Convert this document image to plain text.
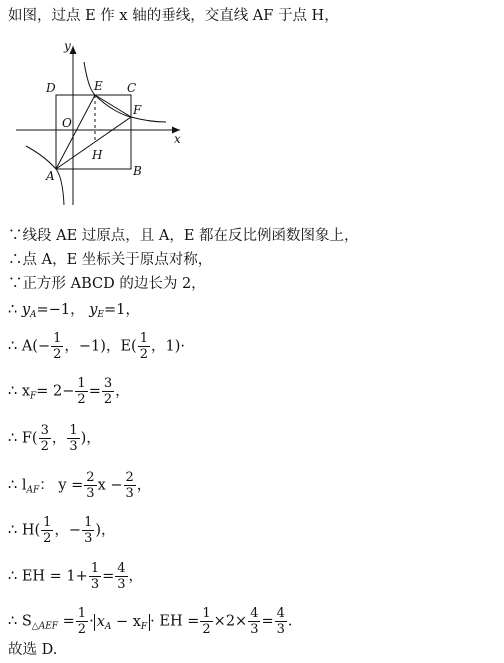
如图，过点 E 作 x 轴的垂线，交直线 AF 于点 H，
y
x
O
D	E C
F
H
A	B
∵线段 AE 过原点，且 A，E 都在反比例函数图象上，
∴点 A，E 坐标关于原点对称，
∵正方形 ABCD 的边长为 2，
∴ $y_A=-1$， $y_E=1$，
∴ $A(- \frac{1}{2}$ ，−1)，$E( \frac{1}{2}$ ，1)·
∴ $x_F= 2- \frac{1}{2} = \frac{3}{2}$ ，
∴ $F( \frac{3}{2}$ ， $\frac{1}{3}$ )，
∴ $l_{AF}$： $y = \frac{2}{3}$ $x - \frac{2}{3}$ ，
∴ $H( \frac{1}{2}$ ，− $\frac{1}{3}$ )，
∴ EH = $1+ \frac{1}{3} = \frac{4}{3}$ ，
∴ $S_{\triangle AEF} = \frac{1}{2} \cdot x_A - x_F$ · EH = $\frac{1}{2} \times 2\times \frac{4}{3} = \frac{4}{3}$ .
故选 D.
